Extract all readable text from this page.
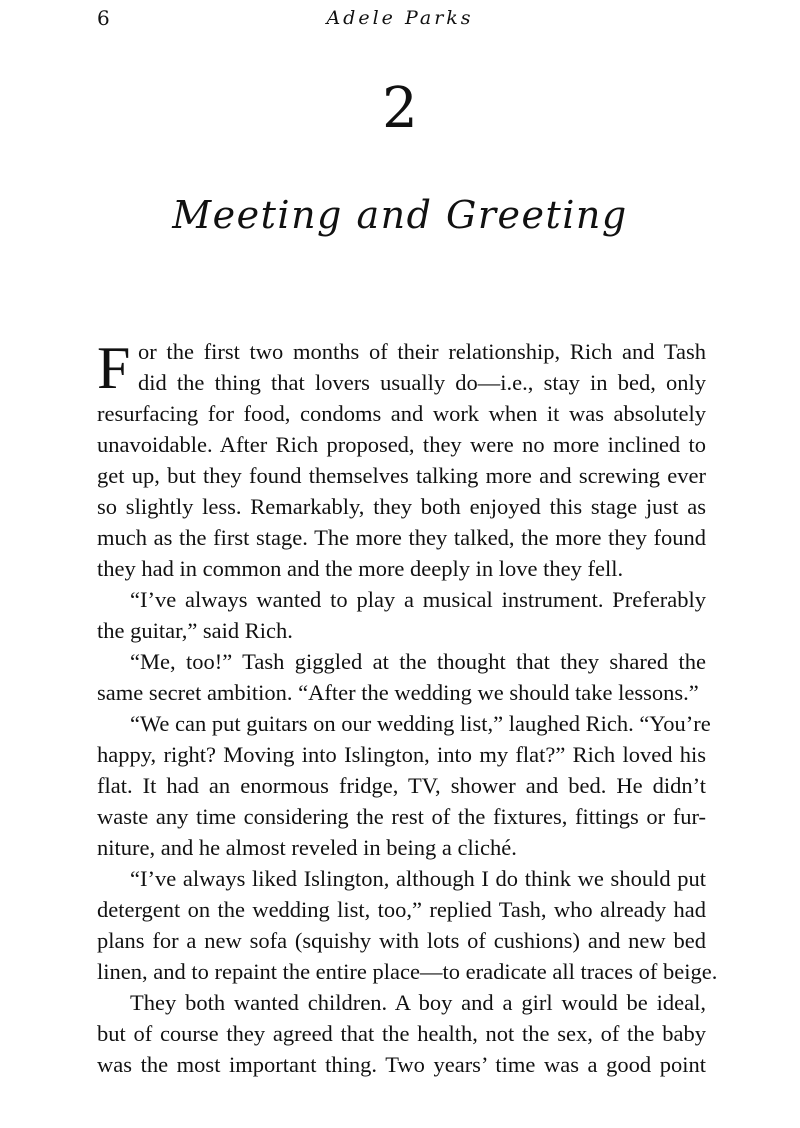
6	Adele Parks
2
Meeting and Greeting
F or the first two months of their relationship, Rich and Tash
did the thing that lovers usually do—i.e., stay in bed, only
resurfacing for food, condoms and work when it was absolutely
unavoidable. After Rich proposed, they were no more inclined to
get up, but they found themselves talking more and screwing ever
so slightly less. Remarkably, they both enjoyed this stage just as
much as the first stage. The more they talked, the more they found
they had in common and the more deeply in love they fell.
“I’ve always wanted to play a musical instrument. Preferably
the guitar,” said Rich.
“Me, too!” Tash giggled at the thought that they shared the
same secret ambition. “After the wedding we should take lessons.”
“We can put guitars on our wedding list,” laughed Rich. “You’re
happy, right? Moving into Islington, into my flat?” Rich loved his
flat. It had an enormous fridge, TV, shower and bed. He didn’t
waste any time considering the rest of the fixtures, fittings or fur-
niture, and he almost reveled in being a cliché.
“I’ve always liked Islington, although I do think we should put
detergent on the wedding list, too,” replied Tash, who already had
plans for a new sofa (squishy with lots of cushions) and new bed
linen, and to repaint the entire place—to eradicate all traces of beige.
They both wanted children. A boy and a girl would be ideal,
but of course they agreed that the health, not the sex, of the baby
was the most important thing. Two years’ time was a good point
